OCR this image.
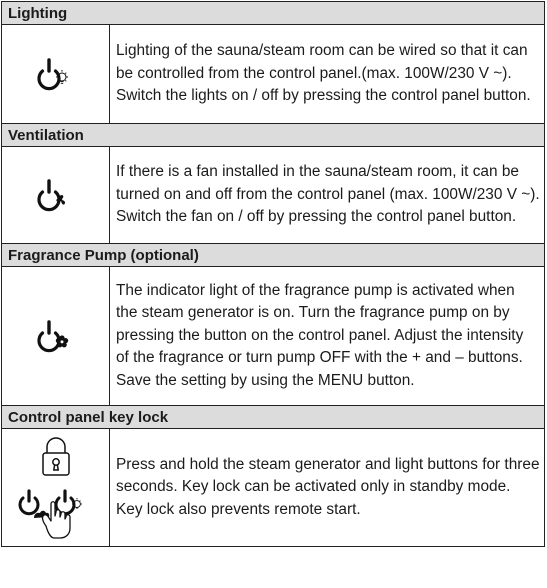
Lighting	

	Lighting of the sauna/steam room can be wired so that it can be controlled from the control panel.(max. 100W/230 V ~). Switch the lights on / off by pressing the control panel button.
Ventilation	

	If there is a fan installed in the sauna/steam room, it can be turned on and off from the control panel (max. 100W/230 V ~). Switch the fan on / off by pressing the control panel button.
Fragrance Pump (optional)	

	The indicator light of the fragrance pump is activated when the steam generator is on. Turn the fragrance pump on by pressing the button on the control panel. Adjust the intensity of the fragrance or turn pump OFF with the + and – buttons. Save the setting by using the MENU button.
Control panel key lock	

	Press and hold the steam generator and light buttons for three seconds. Key lock can be activated only in standby mode. Key lock also prevents remote start.
